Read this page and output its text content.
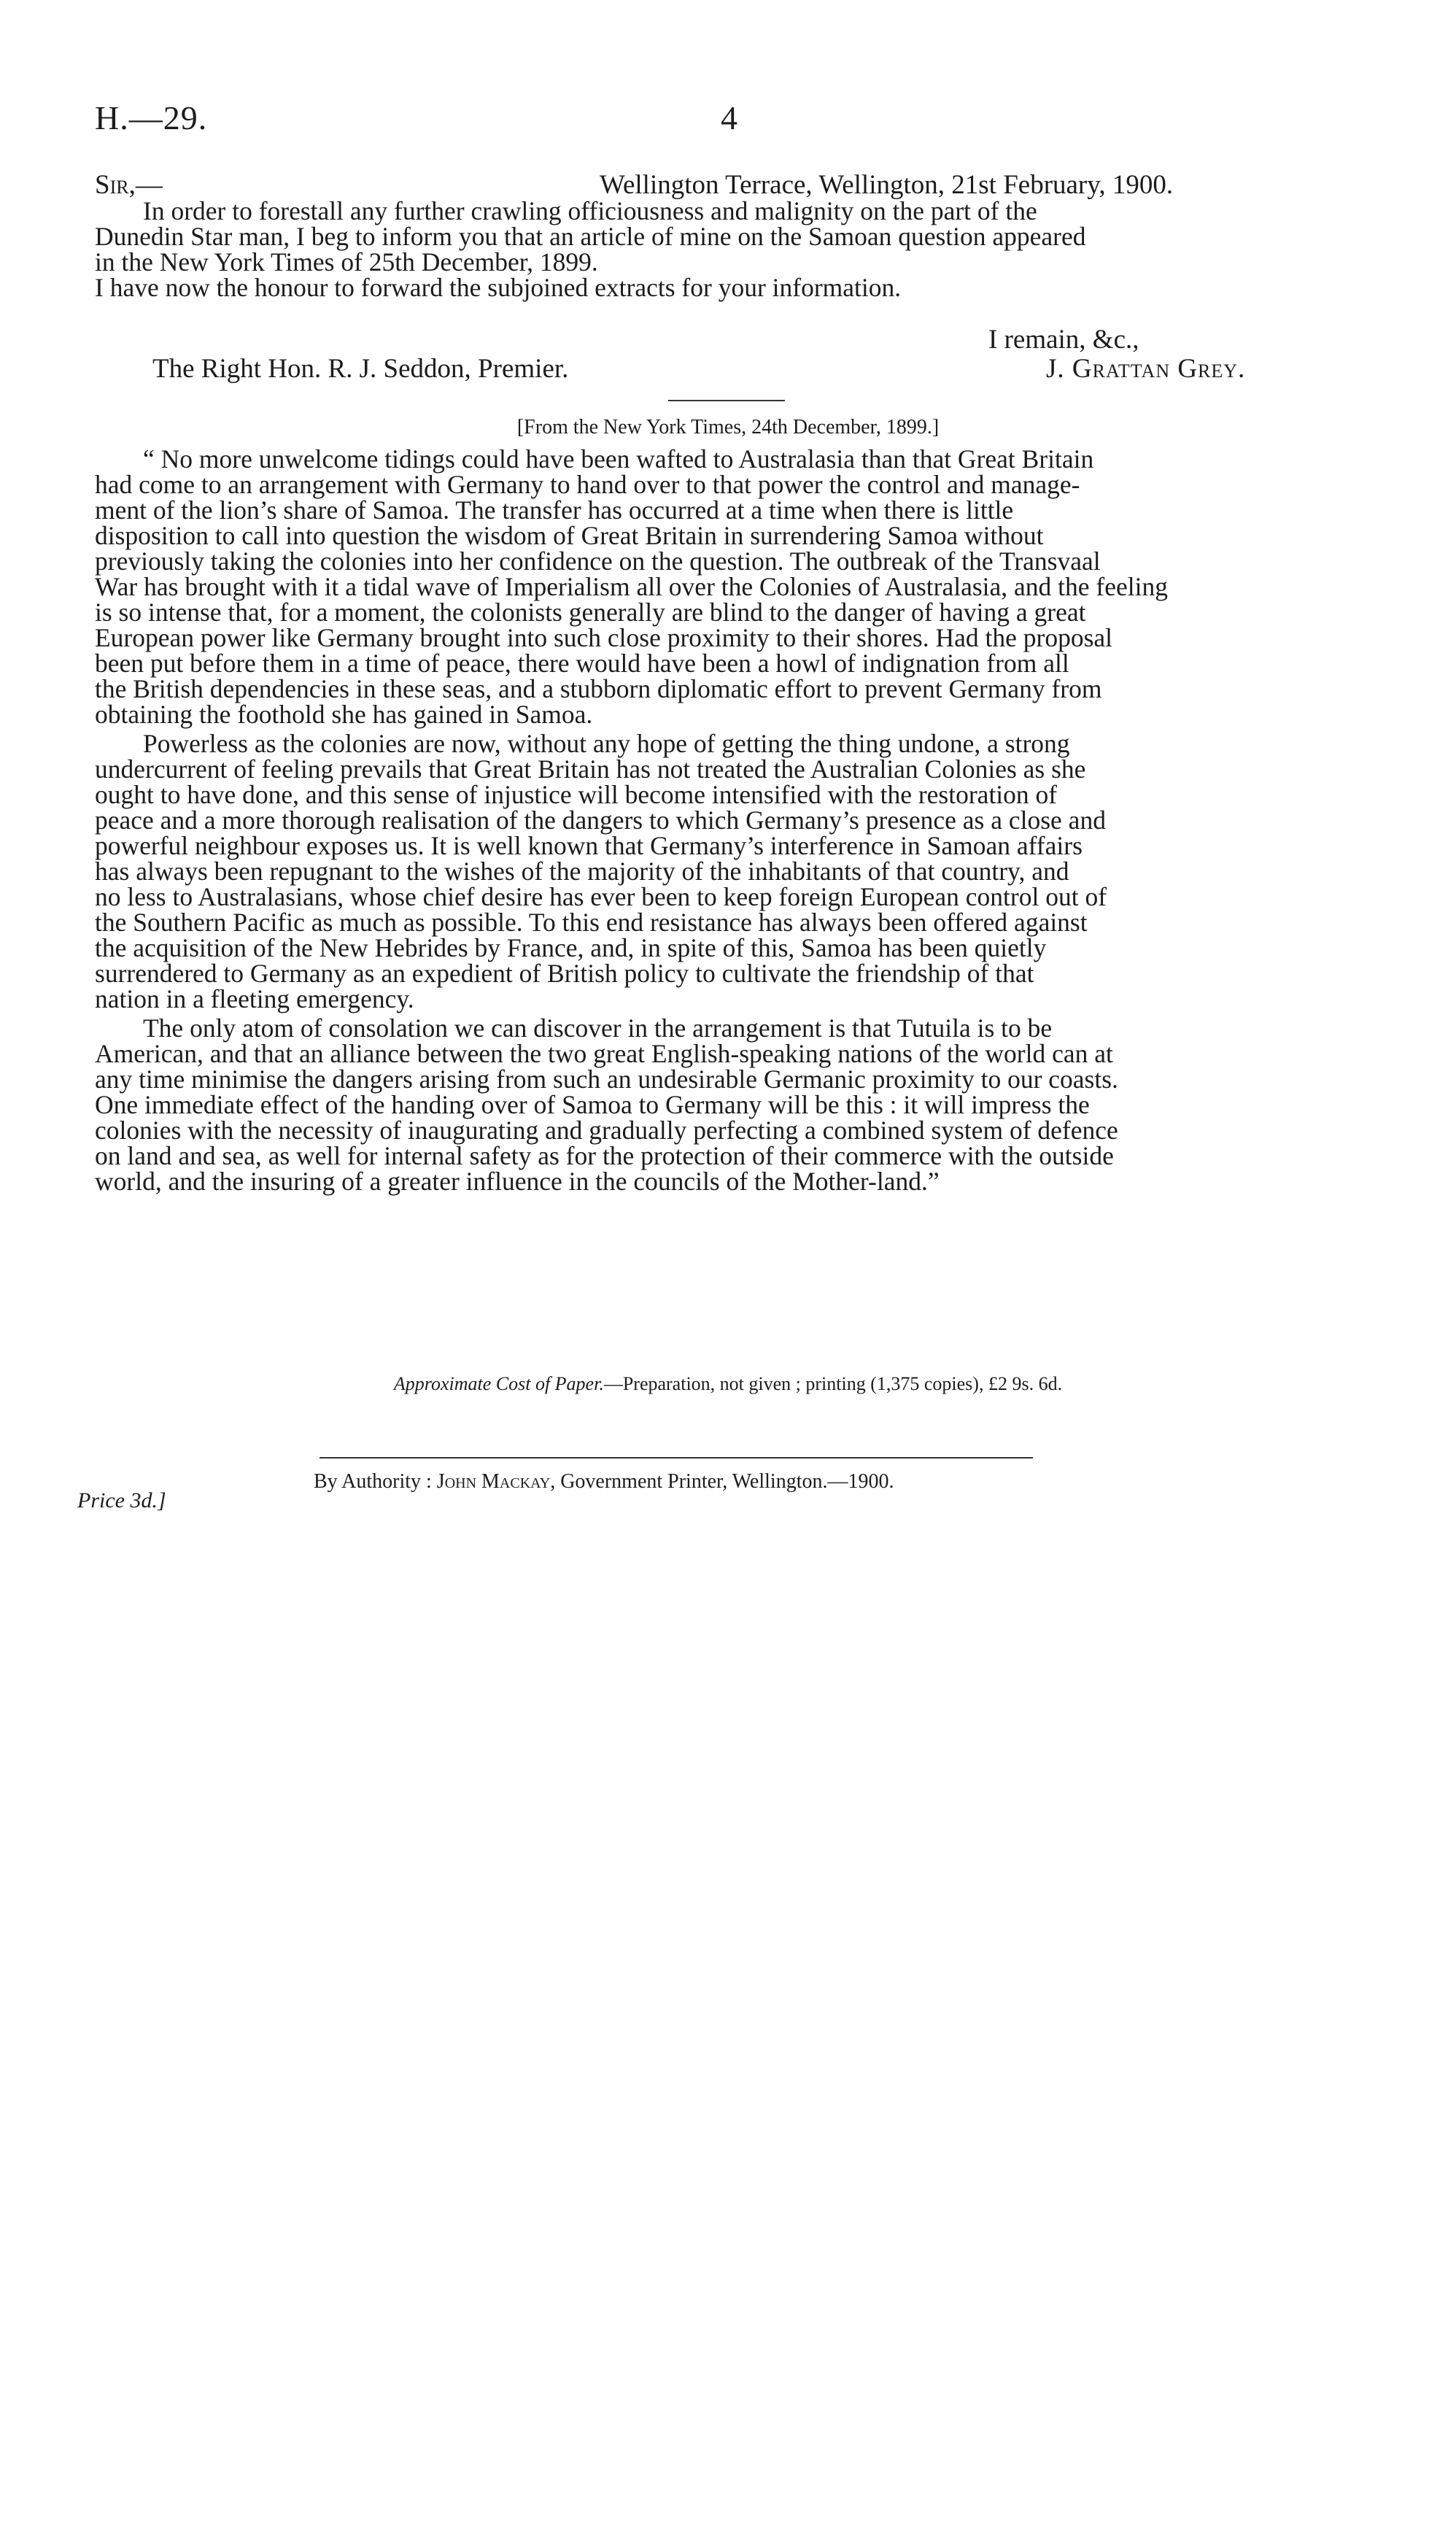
H.—29.	4
Sir,—	Wellington Terrace, Wellington, 21st February, 1900.
In order to forestall any further crawling officiousness and malignity on the part of the
Dunedin Star man, I beg to inform you that an article of mine on the Samoan question appeared
in the New York Times of 25th December, 1899.
I have now the honour to forward the subjoined extracts for your information.
I remain, &c.,
The Right Hon. R. J. Seddon, Premier.	J. Grattan Grey.
[From the New York Times, 24th December, 1899.]
“ No more unwelcome tidings could have been wafted to Australasia than that Great Britain
had come to an arrangement with Germany to hand over to that power the control and manage-
ment of the lion’s share of Samoa. The transfer has occurred at a time when there is little
disposition to call into question the wisdom of Great Britain in surrendering Samoa without
previously taking the colonies into her confidence on the question. The outbreak of the Transvaal
War has brought with it a tidal wave of Imperialism all over the Colonies of Australasia, and the feeling
is so intense that, for a moment, the colonists generally are blind to the danger of having a great
European power like Germany brought into such close proximity to their shores. Had the proposal
been put before them in a time of peace, there would have been a howl of indignation from all
the British dependencies in these seas, and a stubborn diplomatic effort to prevent Germany from
obtaining the foothold she has gained in Samoa.
Powerless as the colonies are now, without any hope of getting the thing undone, a strong
undercurrent of feeling prevails that Great Britain has not treated the Australian Colonies as she
ought to have done, and this sense of injustice will become intensified with the restoration of
peace and a more thorough realisation of the dangers to which Germany’s presence as a close and
powerful neighbour exposes us. It is well known that Germany’s interference in Samoan affairs
has always been repugnant to the wishes of the majority of the inhabitants of that country, and
no less to Australasians, whose chief desire has ever been to keep foreign European control out of
the Southern Pacific as much as possible. To this end resistance has always been offered against
the acquisition of the New Hebrides by France, and, in spite of this, Samoa has been quietly
surrendered to Germany as an expedient of British policy to cultivate the friendship of that
nation in a fleeting emergency.
The only atom of consolation we can discover in the arrangement is that Tutuila is to be
American, and that an alliance between the two great English-speaking nations of the world can at
any time minimise the dangers arising from such an undesirable Germanic proximity to our coasts.
One immediate effect of the handing over of Samoa to Germany will be this : it will impress the
colonies with the necessity of inaugurating and gradually perfecting a combined system of defence
on land and sea, as well for internal safety as for the protection of their commerce with the outside
world, and the insuring of a greater influence in the councils of the Mother-land.”
Approximate Cost of Paper.—Preparation, not given ; printing (1,375 copies), £2 9s. 6d.
By Authority : John Mackay, Government Printer, Wellington.—1900.
Price 3d.]
